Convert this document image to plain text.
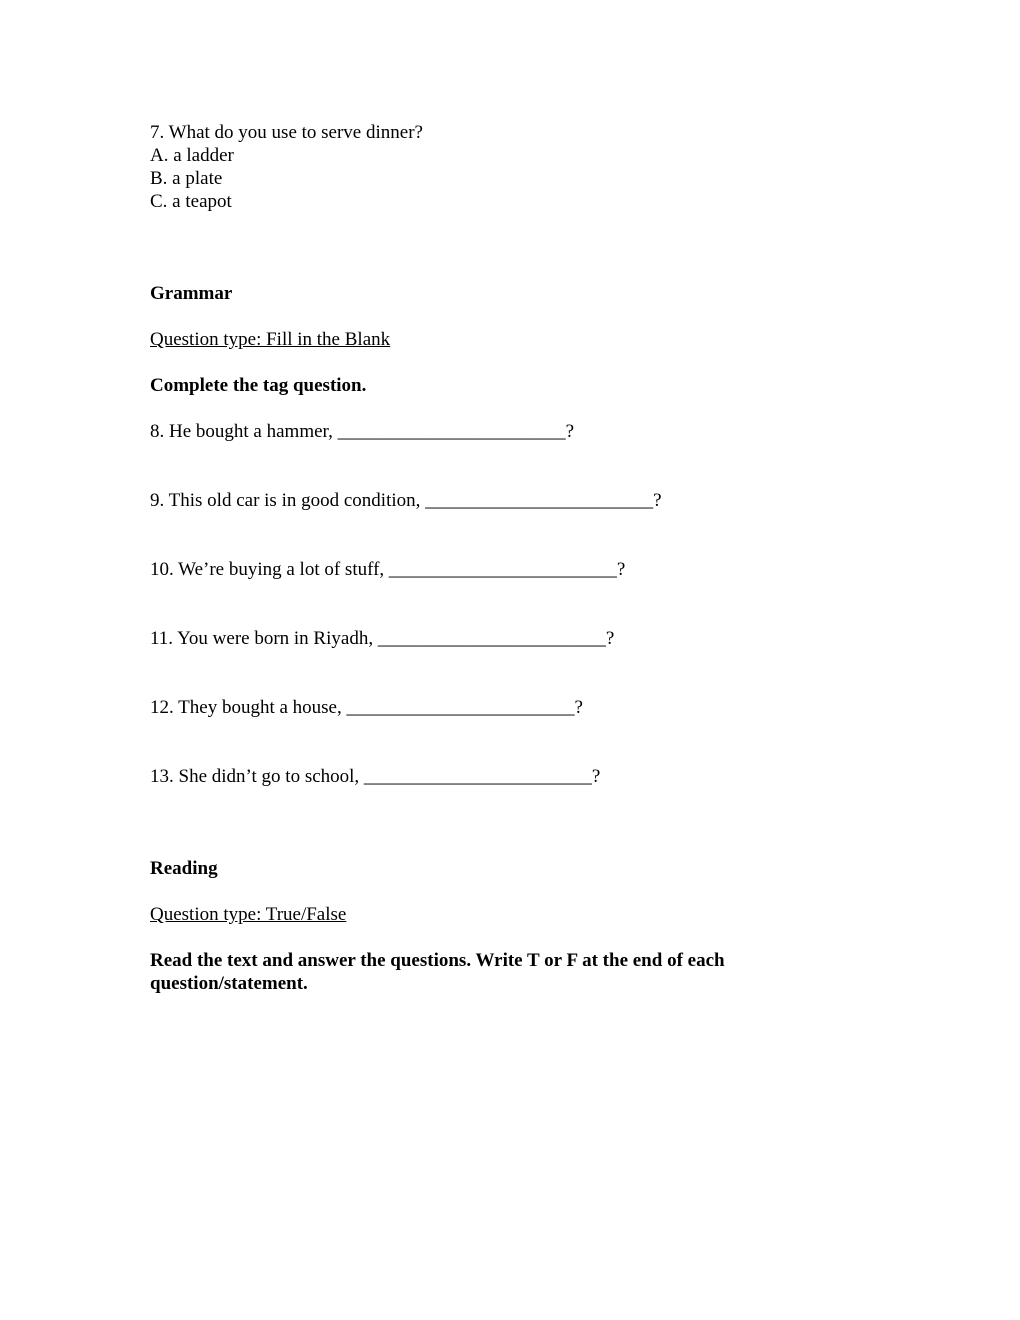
7. What do you use to serve dinner?
A. a ladder
B. a plate
C. a teapot
Grammar
Question type: Fill in the Blank
Complete the tag question.
8. He bought a hammer, ________________________?
9. This old car is in good condition, ________________________?
10. We’re buying a lot of stuff, ________________________?
11. You were born in Riyadh, ________________________?
12. They bought a house, ________________________?
13. She didn’t go to school, ________________________?
Reading
Question type: True/False
Read the text and answer the questions. Write T or F at the end of each question/statement.
